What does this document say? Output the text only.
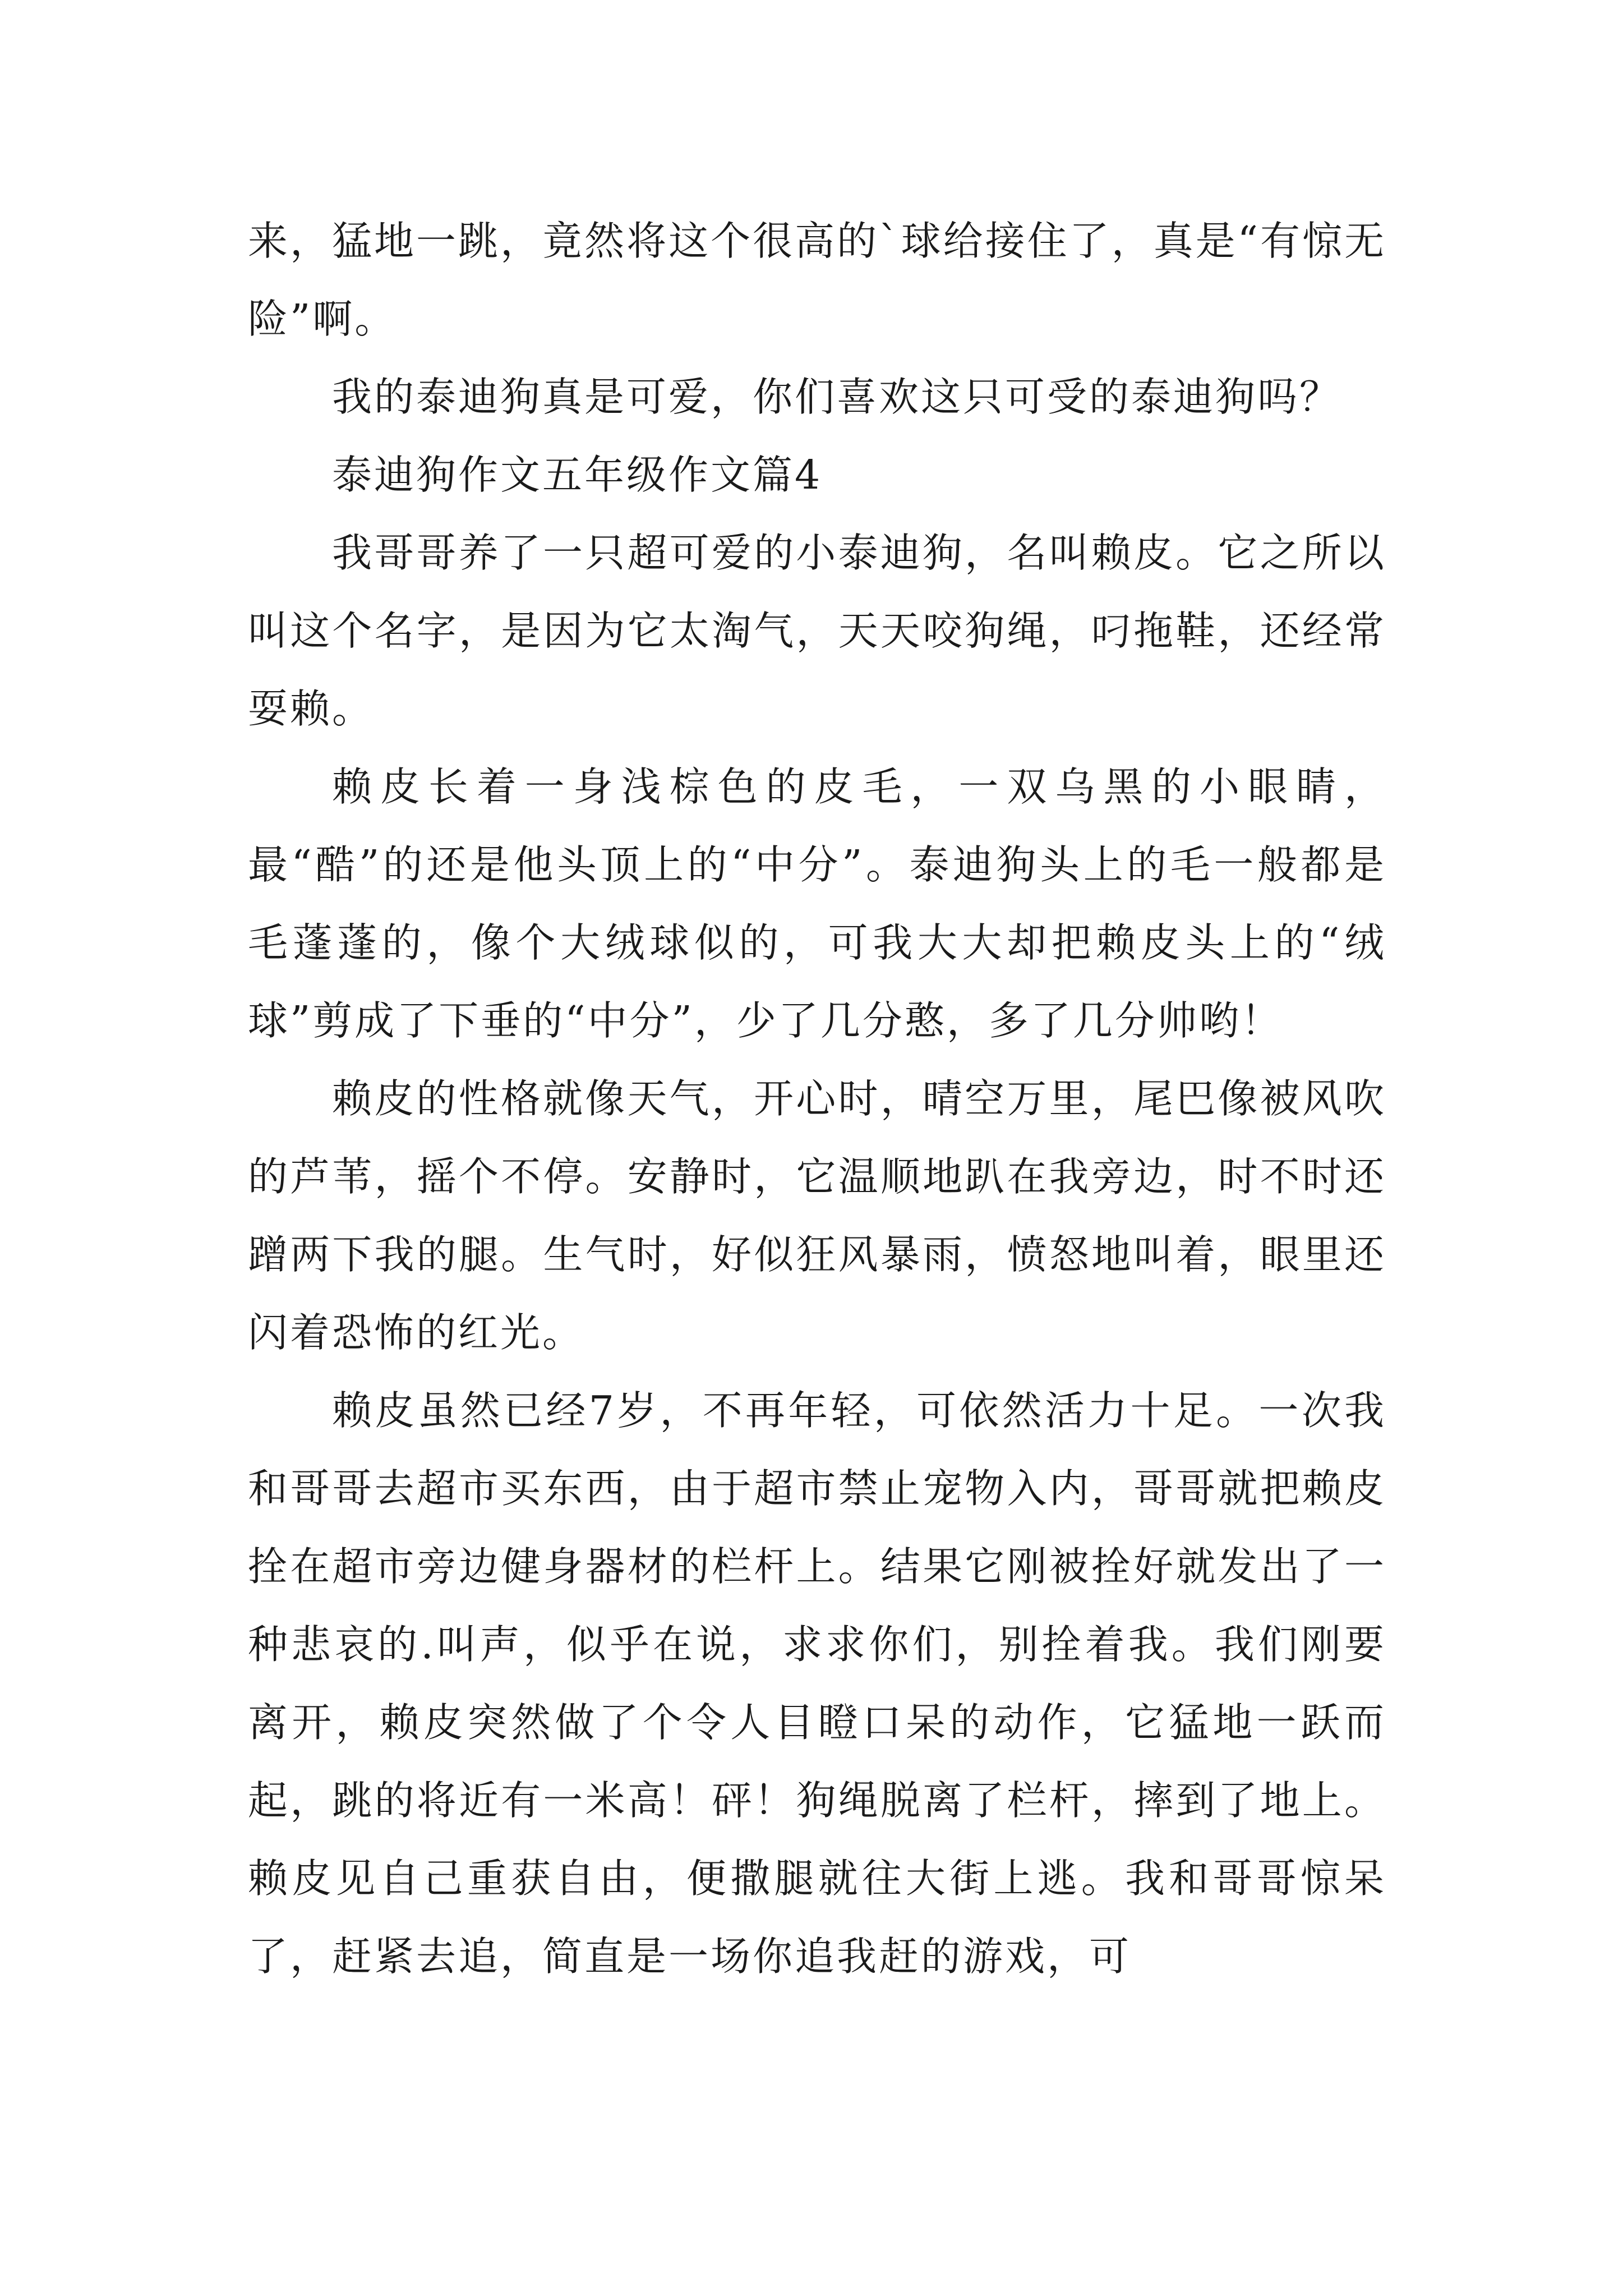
来，猛地一跳，竟然将这个很高的`球给接住了，真是“有惊无险”啊。

我的泰迪狗真是可爱，你们喜欢这只可受的泰迪狗吗？

泰迪狗作文五年级作文篇4

我哥哥养了一只超可爱的小泰迪狗，名叫赖皮。它之所以叫这个名字，是因为它太淘气，天天咬狗绳，叼拖鞋，还经常耍赖。

赖皮长着一身浅棕色的皮毛，一双乌黑的小眼睛，最“酷”的还是他头顶上的“中分”。泰迪狗头上的毛一般都是毛蓬蓬的，像个大绒球似的，可我大大却把赖皮头上的“绒球”剪成了下垂的“中分”，少了几分憨，多了几分帅哟！

赖皮的性格就像天气，开心时，晴空万里，尾巴像被风吹的芦苇，摇个不停。安静时，它温顺地趴在我旁边，时不时还蹭两下我的腿。生气时，好似狂风暴雨，愤怒地叫着，眼里还闪着恐怖的红光。

赖皮虽然已经7岁，不再年轻，可依然活力十足。一次我和哥哥去超市买东西，由于超市禁止宠物入内，哥哥就把赖皮拴在超市旁边健身器材的栏杆上。结果它刚被拴好就发出了一种悲哀的.叫声，似乎在说，求求你们，别拴着我。我们刚要离开，赖皮突然做了个令人目瞪口呆的动作，它猛地一跃而起，跳的将近有一米高！砰！狗绳脱离了栏杆，摔到了地上。赖皮见自己重获自由，便撒腿就往大街上逃。我和哥哥惊呆了，赶紧去追，简直是一场你追我赶的游戏，可
